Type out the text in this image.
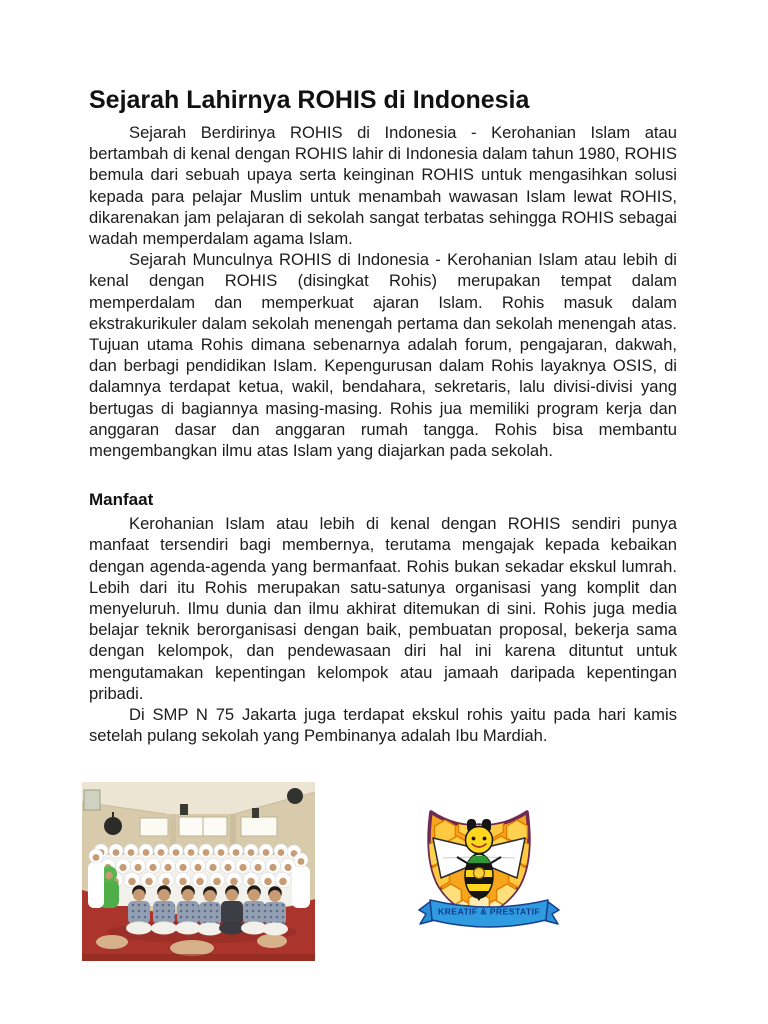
Sejarah Lahirnya ROHIS di Indonesia

Sejarah Berdirinya ROHIS di Indonesia - Kerohanian Islam atau bertambah di kenal dengan ROHIS lahir di Indonesia dalam tahun 1980, ROHIS bemula dari sebuah upaya serta keinginan ROHIS untuk mengasihkan solusi kepada para pelajar Muslim untuk menambah wawasan Islam lewat ROHIS, dikarenakan jam pelajaran di sekolah sangat terbatas sehingga ROHIS sebagai wadah memperdalam agama Islam.

Sejarah Munculnya ROHIS di Indonesia - Kerohanian Islam atau lebih di kenal dengan ROHIS (disingkat Rohis) merupakan tempat dalam memperdalam dan memperkuat ajaran Islam. Rohis masuk dalam ekstrakurikuler dalam sekolah menengah pertama dan sekolah menengah atas. Tujuan utama Rohis dimana sebenarnya adalah forum, pengajaran, dakwah, dan berbagi pendidikan Islam. Kepengurusan dalam Rohis layaknya OSIS, di dalamnya terdapat ketua, wakil, bendahara, sekretaris, lalu divisi-divisi yang bertugas di bagiannya masing-masing. Rohis jua memiliki program kerja dan anggaran dasar dan anggaran rumah tangga. Rohis bisa membantu mengembangkan ilmu atas Islam yang diajarkan pada sekolah.

Manfaat

Kerohanian Islam atau lebih di kenal dengan ROHIS sendiri punya manfaat tersendiri bagi membernya, terutama mengajak kepada kebaikan dengan agenda-agenda yang bermanfaat. Rohis bukan sekadar ekskul lumrah. Lebih dari itu Rohis merupakan satu-satunya organisasi yang komplit dan menyeluruh. Ilmu dunia dan ilmu akhirat ditemukan di sini. Rohis juga media belajar teknik berorganisasi dengan baik, pembuatan proposal, bekerja sama dengan kelompok, dan pendewasaan diri hal ini karena dituntut untuk mengutamakan kepentingan kelompok atau jamaah daripada kepentingan pribadi.

Di SMP N 75 Jakarta juga terdapat ekskul rohis yaitu pada hari kamis setelah pulang sekolah yang Pembinanya adalah Ibu Mardiah.

KREATIF & PRESTATIF
